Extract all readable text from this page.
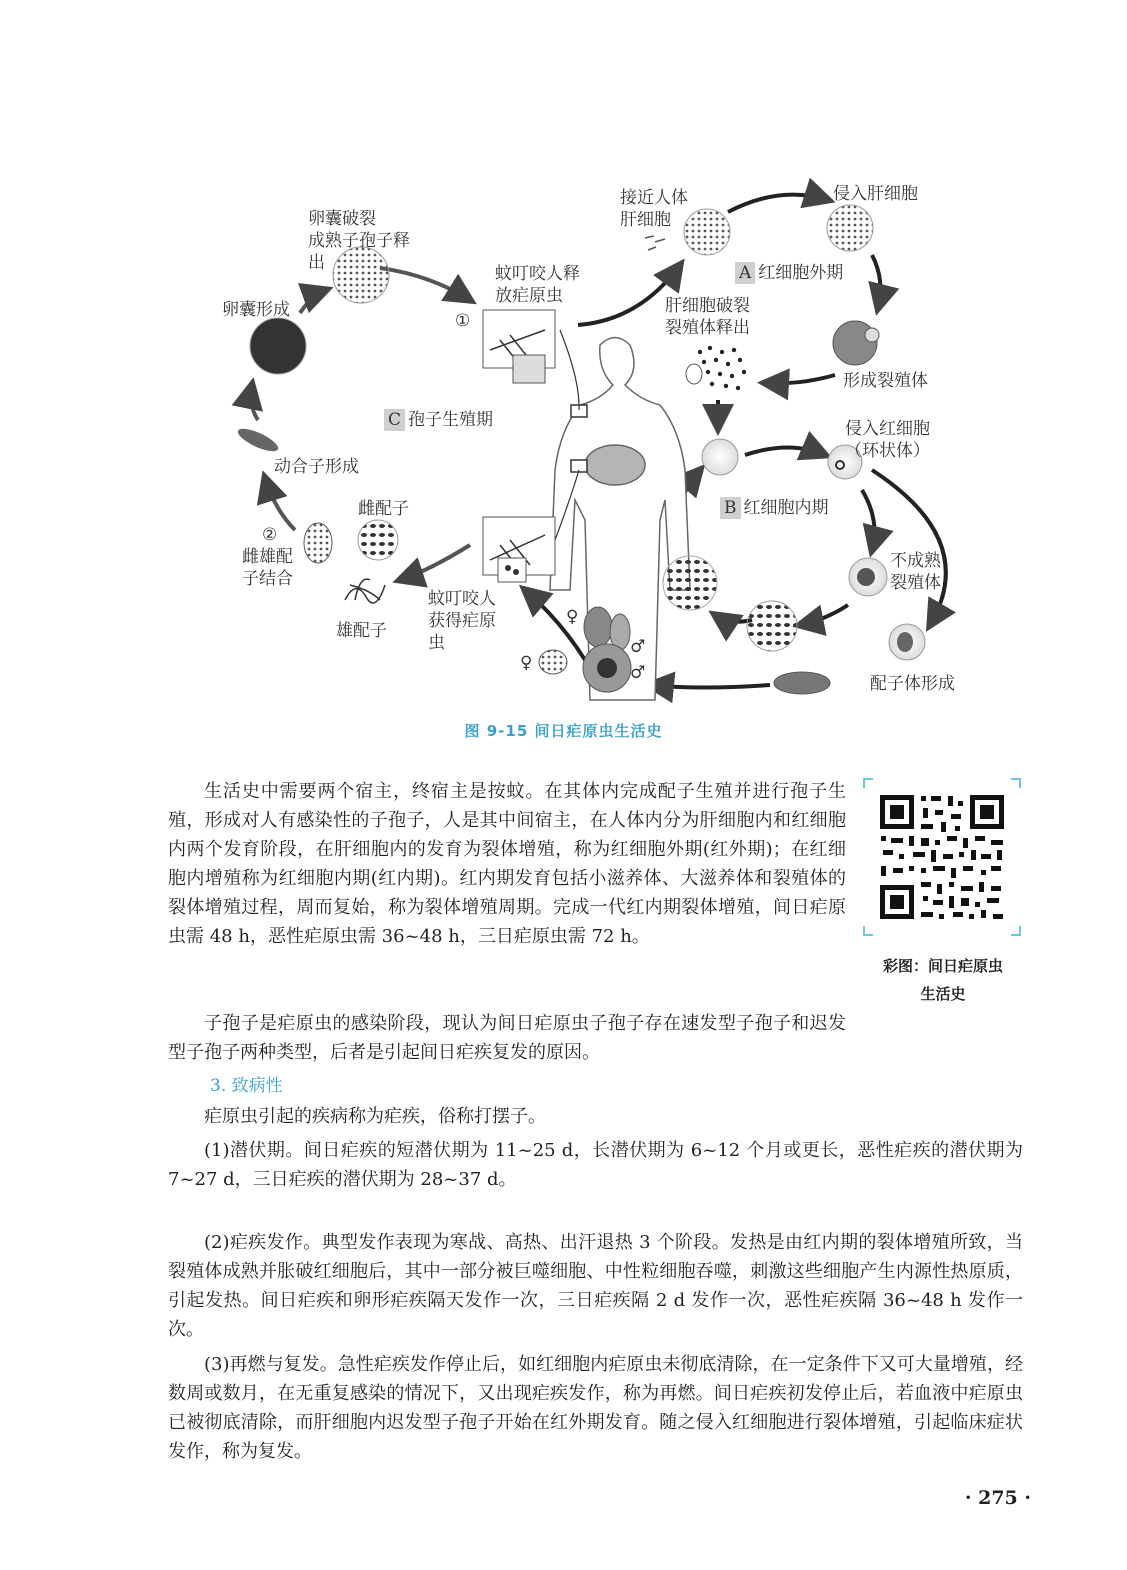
接近人体
肝细胞
侵入肝细胞
A 红细胞外期
肝细胞破裂
裂殖体释出
形成裂殖体
侵入红细胞
（环状体）
B 红细胞内期
不成熟
裂殖体
配子体形成
蚊叮咬人释
放疟原虫
①
蚊叮咬人
获得疟原
虫
卵囊破裂
成熟子孢子释
出
卵囊形成
C 孢子生殖期
动合子形成
②
雌雄配
子结合
雌配子
雄配子
♀
♂
♀	♂
图 9-15 间日疟原虫生活史
生活史中需要两个宿主，终宿主是按蚊。在其体内完成配子生殖并进行孢子生殖，形成对人有感染性的子孢子，人是其中间宿主，在人体内分为肝细胞内和红细胞内两个发育阶段，在肝细胞内的发育为裂体增殖，称为红细胞外期(红外期)；在红细胞内增殖称为红细胞内期(红内期)。红内期发育包括小滋养体、大滋养体和裂殖体的裂体增殖过程，周而复始，称为裂体增殖周期。完成一代红内期裂体增殖，间日疟原虫需 48 h，恶性疟原虫需 36~48 h，三日疟原虫需 72 h。
彩图：间日疟原虫
生活史
子孢子是疟原虫的感染阶段，现认为间日疟原虫子孢子存在速发型子孢子和迟发型子孢子两种类型，后者是引起间日疟疾复发的原因。
3. 致病性
疟原虫引起的疾病称为疟疾，俗称打摆子。
(1)潜伏期。间日疟疾的短潜伏期为 11~25 d，长潜伏期为 6~12 个月或更长，恶性疟疾的潜伏期为 7~27 d，三日疟疾的潜伏期为 28~37 d。
(2)疟疾发作。典型发作表现为寒战、高热、出汗退热 3 个阶段。发热是由红内期的裂体增殖所致，当裂殖体成熟并胀破红细胞后，其中一部分被巨噬细胞、中性粒细胞吞噬，刺激这些细胞产生内源性热原质，引起发热。间日疟疾和卵形疟疾隔天发作一次，三日疟疾隔 2 d 发作一次，恶性疟疾隔 36~48 h 发作一次。
(3)再燃与复发。急性疟疾发作停止后，如红细胞内疟原虫未彻底清除，在一定条件下又可大量增殖，经数周或数月，在无重复感染的情况下，又出现疟疾发作，称为再燃。间日疟疾初发停止后，若血液中疟原虫已被彻底清除，而肝细胞内迟发型子孢子开始在红外期发育。随之侵入红细胞进行裂体增殖，引起临床症状发作，称为复发。
· 275 ·
